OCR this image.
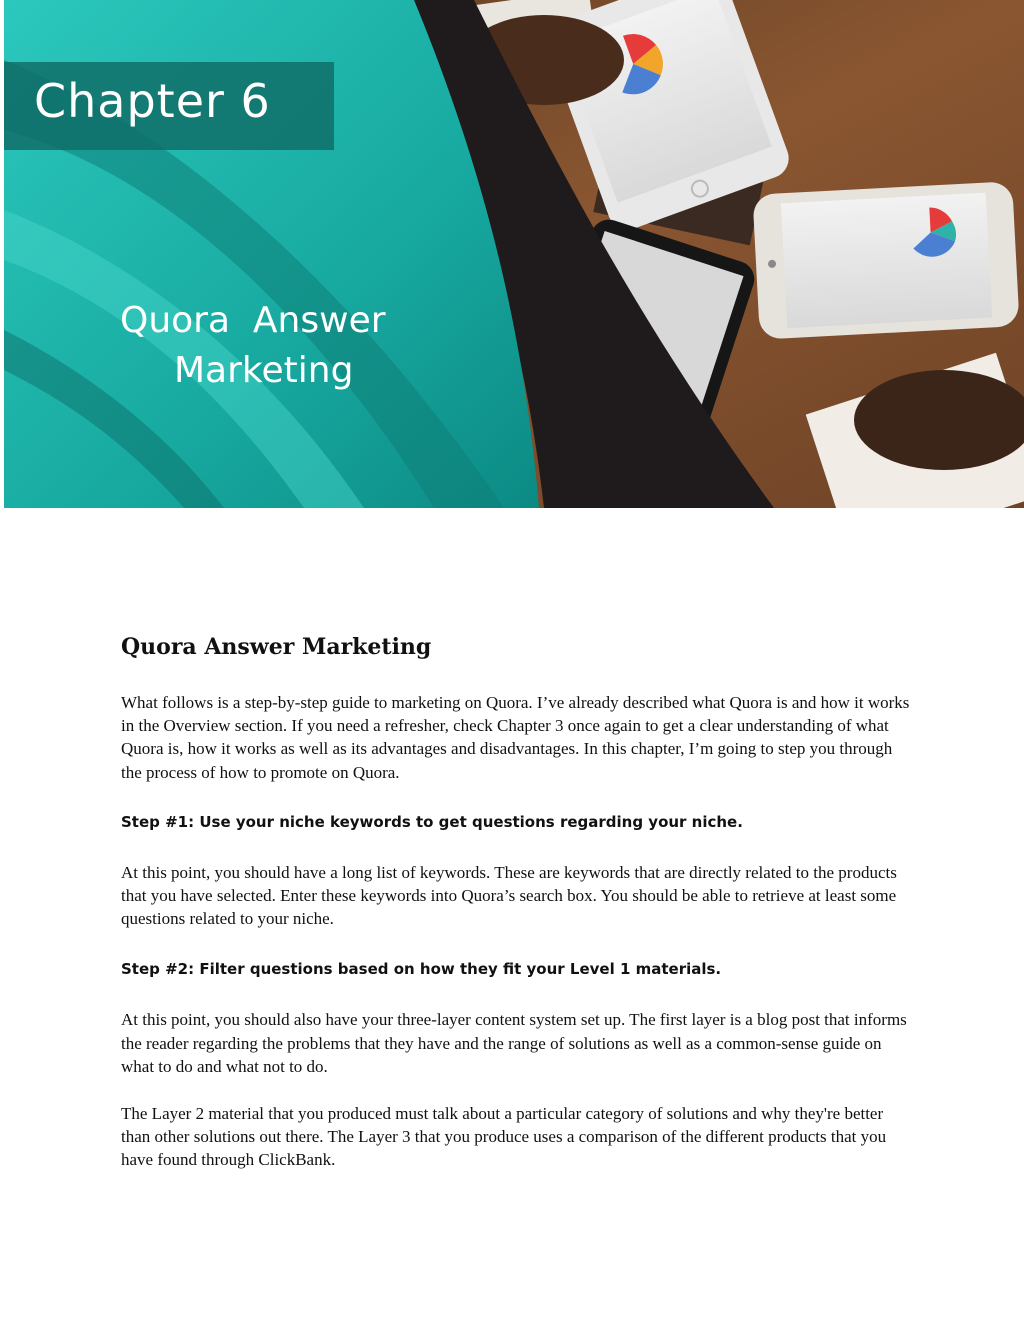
Chapter 6
Quora  Answer
Marketing
Quora Answer Marketing

What follows is a step-by-step guide to marketing on Quora. I’ve already described what Quora is and how it works in the Overview section. If you need a refresher, check Chapter 3 once again to get a clear understanding of what Quora is, how it works as well as its advantages and disadvantages. In this chapter, I’m going to step you through the process of how to promote on Quora.

Step #1: Use your niche keywords to get questions regarding your niche.

At this point, you should have a long list of keywords. These are keywords that are directly related to the products that you have selected. Enter these keywords into Quora’s search box. You should be able to retrieve at least some questions related to your niche.

Step #2: Filter questions based on how they fit your Level 1 materials.

At this point, you should also have your three-layer content system set up. The first layer is a blog post that informs the reader regarding the problems that they have and the range of solutions as well as a common-sense guide on what to do and what not to do.

The Layer 2 material that you produced must talk about a particular category of solutions and why they're better than other solutions out there. The Layer 3 that you produce uses a comparison of the different products that you have found through ClickBank.
